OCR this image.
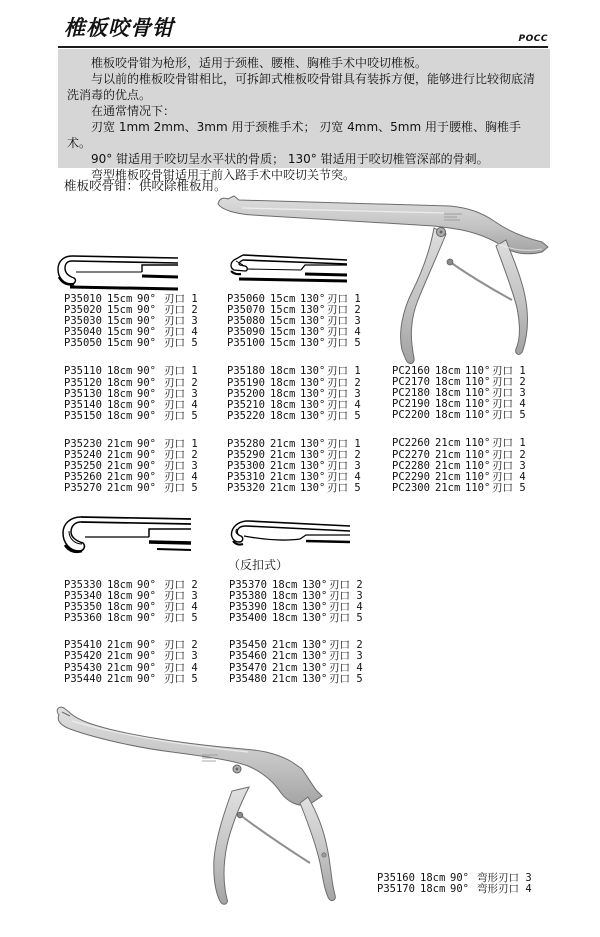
椎板咬骨钳	POCC

椎板咬骨钳为枪形，适用于颈椎、腰椎、胸椎手术中咬切椎板。

与以前的椎板咬骨钳相比，可拆卸式椎板咬骨钳具有装拆方便，能够进行比较彻底清洗消毒的优点。

在通常情况下：

刃宽 1mm 2mm、3mm 用于颈椎手术； 刃宽 4mm、5mm 用于腰椎、胸椎手术。

90° 钳适用于咬切呈水平状的骨质； 130° 钳适用于咬切椎管深部的骨刺。

弯型椎板咬骨钳适用于前入路手术中咬切关节突。

椎板咬骨钳：供咬除椎板用。
P35010 15cm 90° 刃口 1
P35020 15cm 90° 刃口 2
P35030 15cm 90° 刃口 3
P35040 15cm 90° 刃口 4
P35050 15cm 90° 刃口 5
P35110 18cm 90° 刃口 1
P35120 18cm 90° 刃口 2
P35130 18cm 90° 刃口 3
P35140 18cm 90° 刃口 4
P35150 18cm 90° 刃口 5
P35230 21cm 90° 刃口 1
P35240 21cm 90° 刃口 2
P35250 21cm 90° 刃口 3
P35260 21cm 90° 刃口 4
P35270 21cm 90° 刃口 5
P35060 15cm 130° 刃口 1
P35070 15cm 130° 刃口 2
P35080 15cm 130° 刃口 3
P35090 15cm 130° 刃口 4
P35100 15cm 130° 刃口 5
P35180 18cm 130° 刃口 1
P35190 18cm 130° 刃口 2
P35200 18cm 130° 刃口 3
P35210 18cm 130° 刃口 4
P35220 18cm 130° 刃口 5
P35280 21cm 130° 刃口 1
P35290 21cm 130° 刃口 2
P35300 21cm 130° 刃口 3
P35310 21cm 130° 刃口 4
P35320 21cm 130° 刃口 5
PC2160 18cm 110° 刃口 1
PC2170 18cm 110° 刃口 2
PC2180 18cm 110° 刃口 3
PC2190 18cm 110° 刃口 4
PC2200 18cm 110° 刃口 5
PC2260 21cm 110° 刃口 1
PC2270 21cm 110° 刃口 2
PC2280 21cm 110° 刃口 3
PC2290 21cm 110° 刃口 4
PC2300 21cm 110° 刃口 5
（反扣式）
P35330 18cm 90° 刃口 2
P35340 18cm 90° 刃口 3
P35350 18cm 90° 刃口 4
P35360 18cm 90° 刃口 5
P35410 21cm 90° 刃口 2
P35420 21cm 90° 刃口 3
P35430 21cm 90° 刃口 4
P35440 21cm 90° 刃口 5
P35370 18cm 130° 刃口 2
P35380 18cm 130° 刃口 3
P35390 18cm 130° 刃口 4
P35400 18cm 130° 刃口 5
P35450 21cm 130° 刃口 2
P35460 21cm 130° 刃口 3
P35470 21cm 130° 刃口 4
P35480 21cm 130° 刃口 5
P35160 18cm 90° 弯形刃口 3
P35170 18cm 90° 弯形刃口 4
